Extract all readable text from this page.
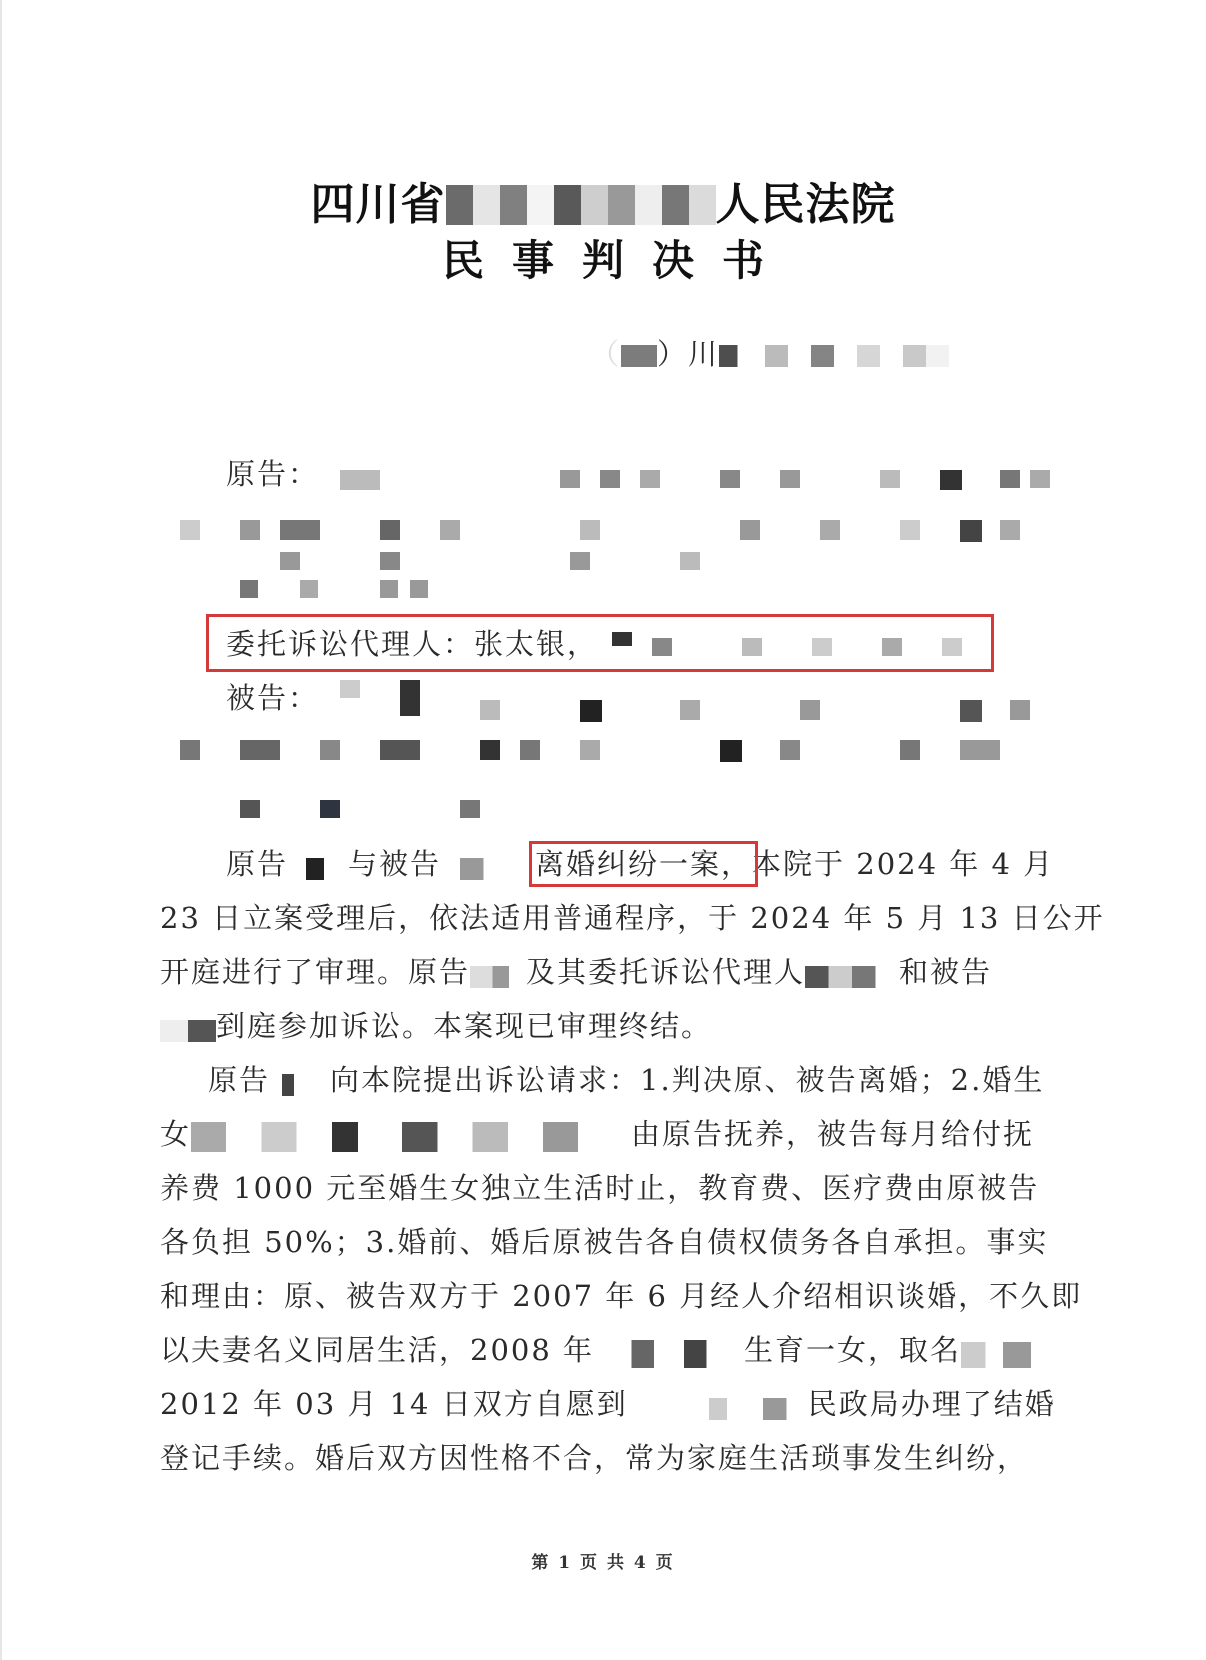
四川省	人民法院
民事判决书
（ ）川
原告：
委托诉讼代理人：张太银，
被告：
原告 与被告	离婚纠纷一案，本院于 2024 年 4 月
23 日立案受理后，依法适用普通程序，于 2024 年 5 月 13 日公开
开庭进行了审理。原告 及其委托诉讼代理人	和被告
到庭参加诉讼。本案现已审理终结。
原告 向本院提出诉讼请求：1.判决原、被告离婚；2.婚生
女	由原告抚养，被告每月给付抚
养费 1000 元至婚生女独立生活时止，教育费、医疗费由原被告
各负担 50%；3.婚前、婚后原被告各自债权债务各自承担。事实
和理由：原、被告双方于 2007 年 6 月经人介绍相识谈婚，不久即
以夫妻名义同居生活，2008 年	生育一女，取名
2012 年 03 月 14 日双方自愿到	民政局办理了结婚
登记手续。婚后双方因性格不合，常为家庭生活琐事发生纠纷，
第 1 页 共 4 页
